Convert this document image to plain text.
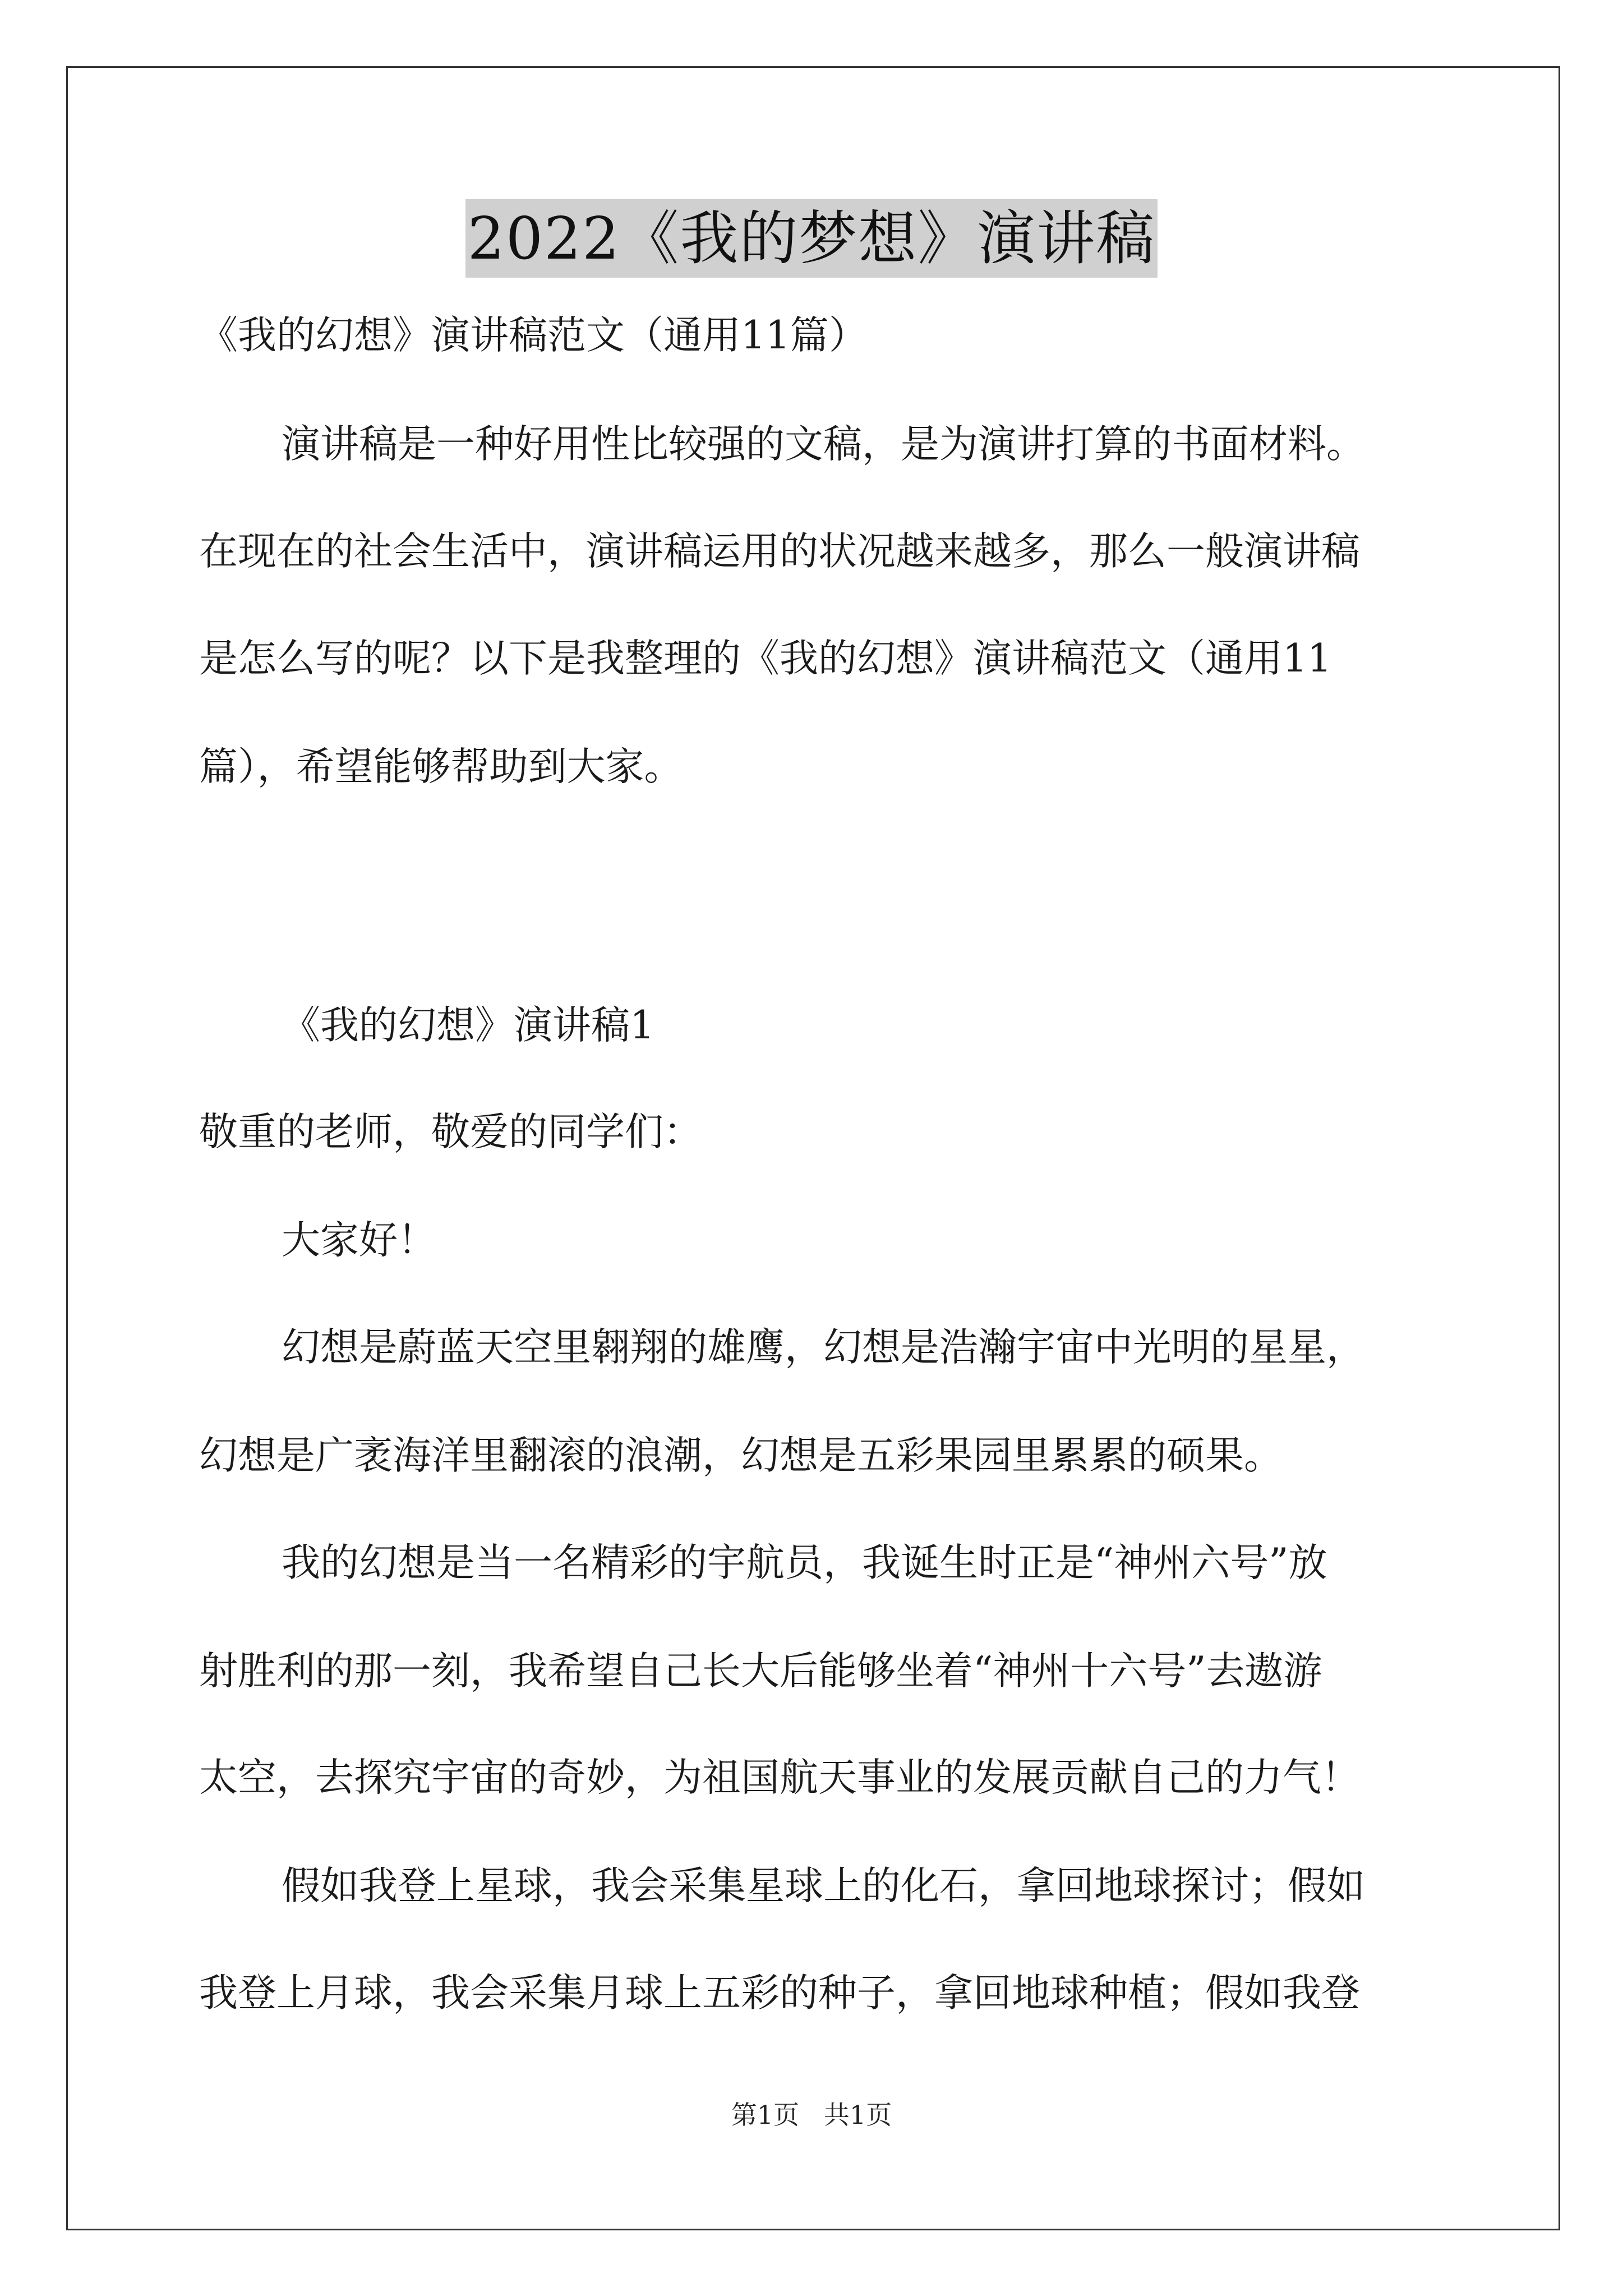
2022《我的梦想》演讲稿
《我的幻想》演讲稿范文（通用11篇）
演讲稿是一种好用性比较强的文稿，是为演讲打算的书面材料。
在现在的社会生活中，演讲稿运用的状况越来越多，那么一般演讲稿
是怎么写的呢？以下是我整理的《我的幻想》演讲稿范文（通用11
篇），希望能够帮助到大家。
《我的幻想》演讲稿1
敬重的老师，敬爱的同学们：
大家好！
幻想是蔚蓝天空里翱翔的雄鹰，幻想是浩瀚宇宙中光明的星星，
幻想是广袤海洋里翻滚的浪潮，幻想是五彩果园里累累的硕果。
我的幻想是当一名精彩的宇航员，我诞生时正是“神州六号”放
射胜利的那一刻，我希望自己长大后能够坐着“神州十六号”去遨游
太空，去探究宇宙的奇妙，为祖国航天事业的发展贡献自己的力气！
假如我登上星球，我会采集星球上的化石，拿回地球探讨；假如
我登上月球，我会采集月球上五彩的种子，拿回地球种植；假如我登
第1页   共1页
